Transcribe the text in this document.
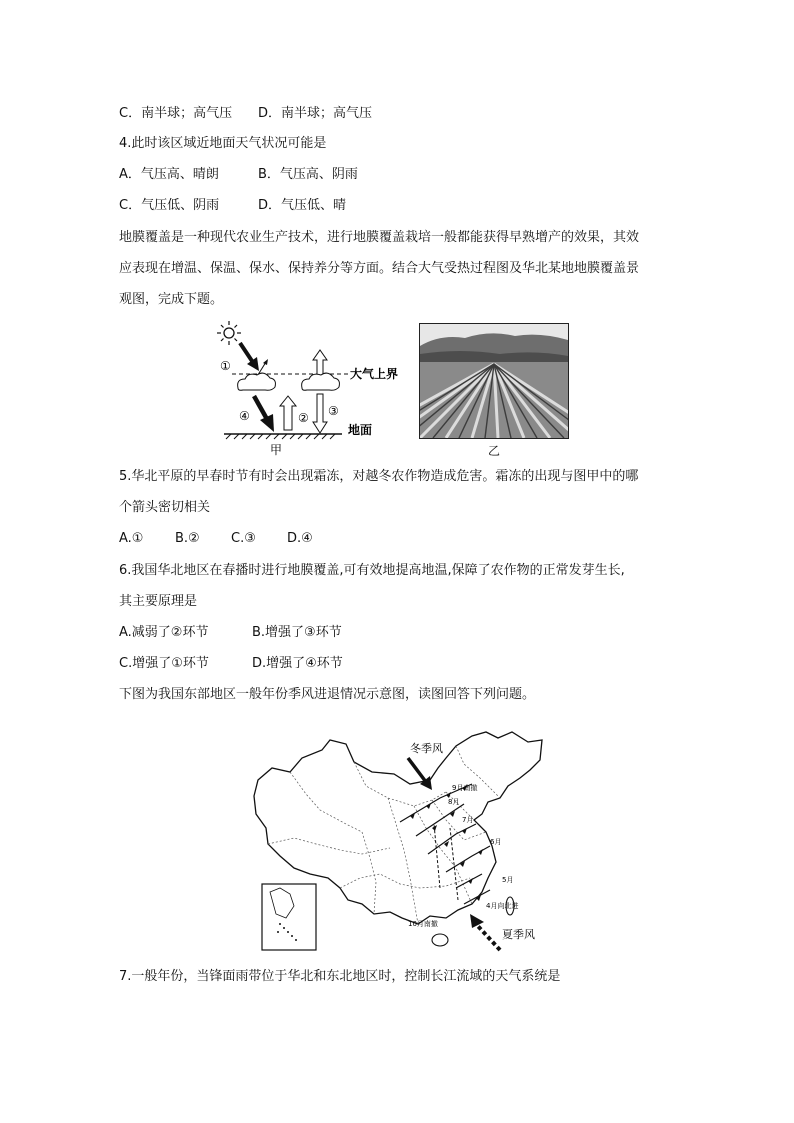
C．南半球；高气压 D．南半球；高气压
4.此时该区域近地面天气状况可能是
A．气压高、晴朗	B．气压高、阴雨
C．气压低、阴雨	D．气压低、晴
地膜覆盖是一种现代农业生产技术，进行地膜覆盖栽培一般都能获得早熟增产的效果，其效
应表现在增温、保温、保水、保持养分等方面。结合大气受热过程图及华北某地地膜覆盖景
观图，完成下题。
①
② ③
④
大气上界
地面
甲	乙
5.华北平原的早春时节有时会出现霜冻，对越冬农作物造成危害。霜冻的出现与图甲中的哪
个箭头密切相关
A.① B.② C.③ D.④
6.我国华北地区在春播时进行地膜覆盖,可有效地提高地温,保障了农作物的正常发芽生长,
其主要原理是
A.减弱了②环节	B.增强了③环节
C.增强了①环节	D.增强了④环节
下图为我国东部地区一般年份季风进退情况示意图，读图回答下列问题。
冬季风
夏季风
9月南撤
8月
7月
6月
5月
4月向北进
10月南撤
7.一般年份，当锋面雨带位于华北和东北地区时，控制长江流域的天气系统是
